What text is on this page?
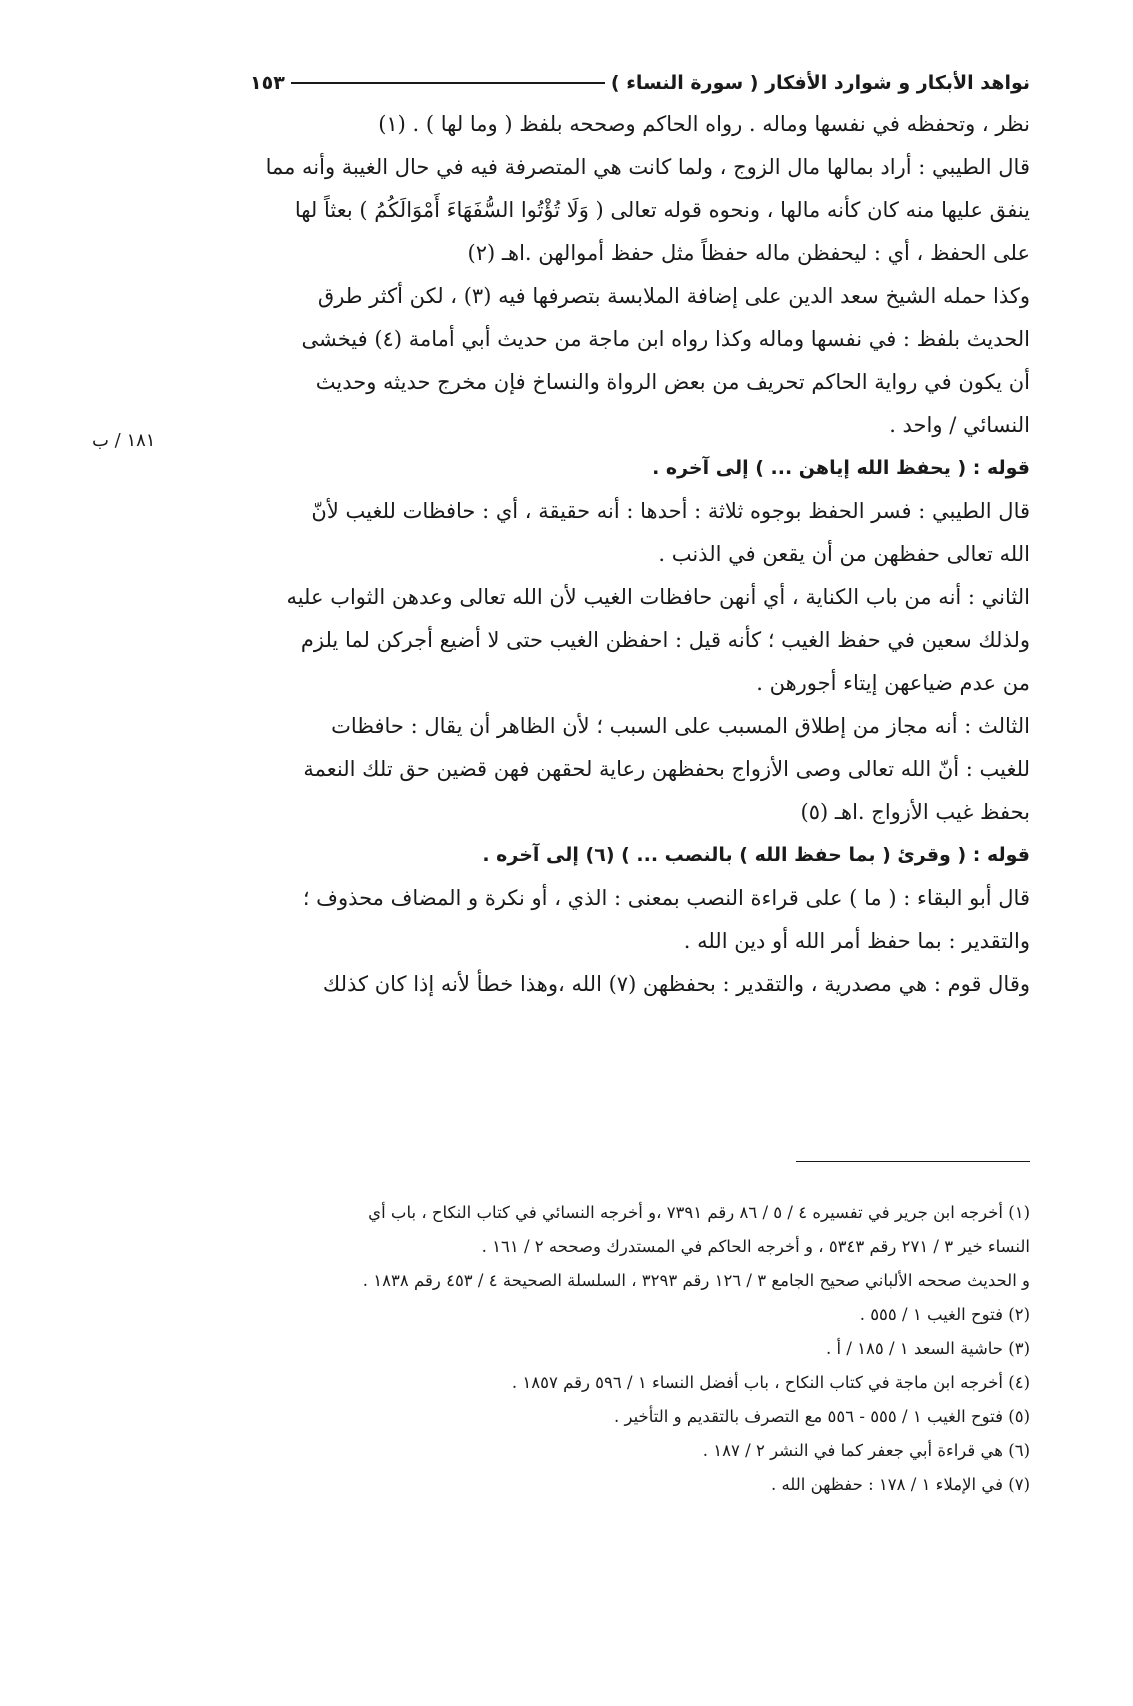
نواهد الأبكار و شوارد الأفكار ( سورة النساء )
١٥٣
١٨١ / ب
نظر ، وتحفظه في نفسها وماله . رواه الحاكم وصححه بلفظ ( وما لها ) . (١)
قال الطيبي : أراد بمالها مال الزوج ، ولما كانت هي المتصرفة فيه في حال الغيبة وأنه مما
ينفق عليها منه كان كأنه مالها ، ونحوه قوله تعالى ( وَلَا تُؤْتُوا السُّفَهَاءَ أَمْوَالَكُمُ ) بعثاً لها
على الحفظ ، أي : ليحفظن ماله حفظاً مثل حفظ أموالهن .اهـ (٢)
وكذا حمله الشيخ سعد الدين على إضافة الملابسة بتصرفها فيه (٣) ، لكن أكثر طرق
الحديث بلفظ : في نفسها وماله وكذا رواه ابن ماجة من حديث أبي أمامة (٤) فيخشى
أن يكون في رواية الحاكم تحريف من بعض الرواة والنساخ فإن مخرج حديثه وحديث
النسائي / واحد .
قوله : ( يحفظ الله إياهن ... ) إلى آخره .
قال الطيبي : فسر الحفظ بوجوه ثلاثة : أحدها : أنه حقيقة ، أي : حافظات للغيب لأنّ
الله تعالى حفظهن من أن يقعن في الذنب .
الثاني : أنه من باب الكناية ، أي أنهن حافظات الغيب لأن الله تعالى وعدهن الثواب عليه
ولذلك سعين في حفظ الغيب ؛ كأنه قيل : احفظن الغيب حتى لا أضيع أجركن لما يلزم
من عدم ضياعهن إيتاء أجورهن .
الثالث : أنه مجاز من إطلاق المسبب على السبب ؛ لأن الظاهر أن يقال : حافظات
للغيب : أنّ الله تعالى وصى الأزواج بحفظهن رعاية لحقهن فهن قضين حق تلك النعمة
بحفظ غيب الأزواج .اهـ (٥)
قوله : ( وقرئ ( بما حفظ الله ) بالنصب ... ) (٦) إلى آخره .
قال أبو البقاء : ( ما ) على قراءة النصب بمعنى : الذي ، أو نكرة و المضاف محذوف ؛
والتقدير : بما حفظ أمر الله أو دين الله .
وقال قوم : هي مصدرية ، والتقدير : بحفظهن (٧) الله ،وهذا خطأ لأنه إذا كان كذلك
(١) أخرجه ابن جرير في تفسيره ٤ / ٥ / ٨٦ رقم ٧٣٩١ ،و أخرجه النسائي في كتاب النكاح ، باب أي
النساء خير ٣ / ٢٧١ رقم ٥٣٤٣ ، و أخرجه الحاكم في المستدرك وصححه ٢ / ١٦١ .
و الحديث صححه الألباني صحيح الجامع ٣ / ١٢٦ رقم ٣٢٩٣ ، السلسلة الصحيحة ٤ / ٤٥٣ رقم ١٨٣٨ .
(٢) فتوح الغيب ١ / ٥٥٥ .
(٣) حاشية السعد ١ / ١٨٥ / أ .
(٤) أخرجه ابن ماجة في كتاب النكاح ، باب أفضل النساء ١ / ٥٩٦ رقم ١٨٥٧ .
(٥) فتوح الغيب ١ / ٥٥٥ - ٥٥٦ مع التصرف بالتقديم و التأخير .
(٦) هي قراءة أبي جعفر كما في النشر ٢ / ١٨٧ .
(٧) في الإملاء ١ / ١٧٨ : حفظهن الله .
